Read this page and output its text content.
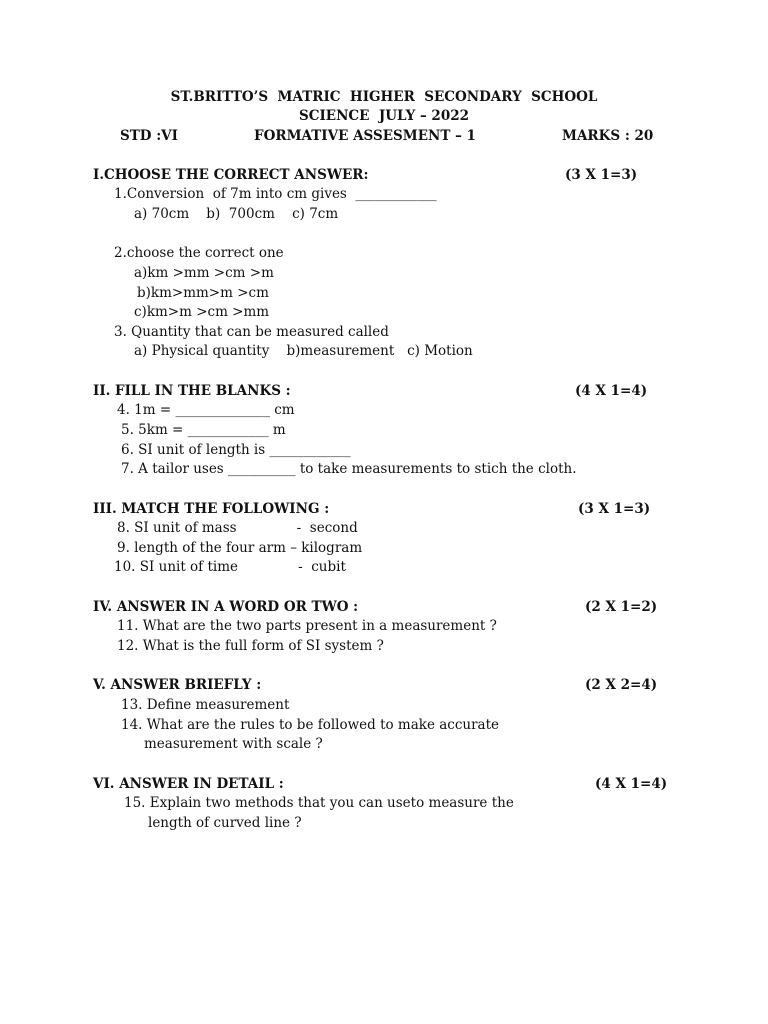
ST.BRITTO’S  MATRIC  HIGHER  SECONDARY  SCHOOL
SCIENCE  JULY – 2022
STD :VI	FORMATIVE ASSESMENT – 1	MARKS : 20
I.CHOOSE THE CORRECT ANSWER:	(3 X 1=3)
1.Conversion  of 7m into cm gives  ____________
a) 70cm    b)  700cm    c) 7cm
2.choose the correct one
a)km >mm >cm >m
b)km>mm>m >cm
c)km>m >cm >mm
3. Quantity that can be measured called
a) Physical quantity    b)measurement   c) Motion
II. FILL IN THE BLANKS :	(4 X 1=4)
4. 1m = ______________ cm
5. 5km = ____________ m
6. SI unit of length is ____________
7. A tailor uses __________ to take measurements to stich the cloth.
III. MATCH THE FOLLOWING :	(3 X 1=3)
8. SI unit of mass              -  second
9. length of the four arm – kilogram
10. SI unit of time              -  cubit
IV. ANSWER IN A WORD OR TWO :	(2 X 1=2)
11. What are the two parts present in a measurement ?
12. What is the full form of SI system ?
V. ANSWER BRIEFLY :	(2 X 2=4)
13. Define measurement
14. What are the rules to be followed to make accurate
measurement with scale ?
VI. ANSWER IN DETAIL :	(4 X 1=4)
15. Explain two methods that you can useto measure the
length of curved line ?
